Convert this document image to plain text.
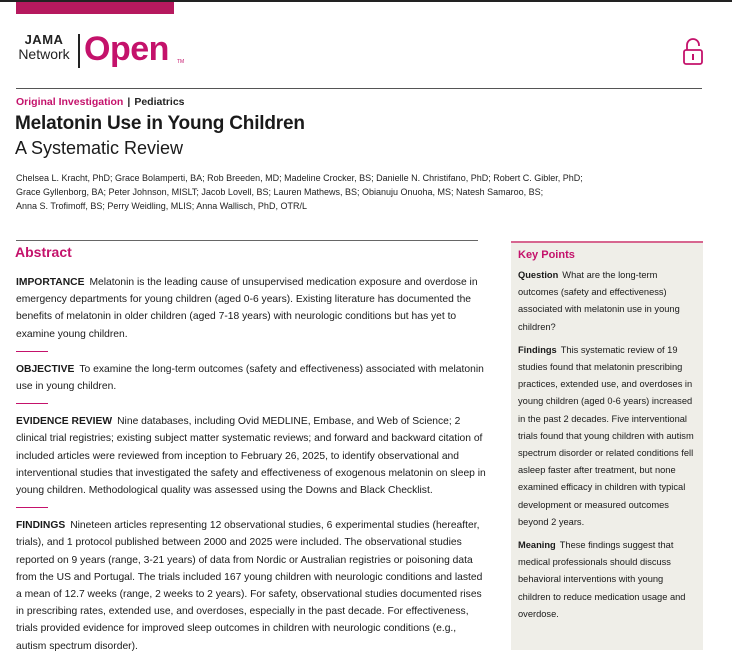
JAMA
Network Open TM
Original Investigation | Pediatrics
Melatonin Use in Young Children
A Systematic Review
Chelsea L. Kracht, PhD; Grace Bolamperti, BA; Rob Breeden, MD; Madeline Crocker, BS; Danielle N. Christifano, PhD; Robert C. Gibler, PhD;
Grace Gyllenborg, BA; Peter Johnson, MISLT; Jacob Lovell, BS; Lauren Mathews, BS; Obianuju Onuoha, MS; Natesh Samaroo, BS;
Anna S. Trofimoff, BS; Perry Weidling, MLIS; Anna Wallisch, PhD, OTR/L
Abstract

IMPORTANCE Melatonin is the leading cause of unsupervised medication exposure and overdose in emergency departments for young children (aged 0-6 years). Existing literature has documented the benefits of melatonin in older children (aged 7-18 years) with neurologic conditions but has yet to examine young children.

OBJECTIVE To examine the long-term outcomes (safety and effectiveness) associated with melatonin use in young children.

EVIDENCE REVIEW Nine databases, including Ovid MEDLINE, Embase, and Web of Science; 2 clinical trial registries; existing subject matter systematic reviews; and forward and backward citation of included articles were reviewed from inception to February 26, 2025, to identify observational and interventional studies that investigated the safety and effectiveness of exogenous melatonin on sleep in young children. Methodological quality was assessed using the Downs and Black Checklist.

FINDINGS Nineteen articles representing 12 observational studies, 6 experimental studies (hereafter, trials), and 1 protocol published between 2000 and 2025 were included. The observational studies reported on 9 years (range, 3-21 years) of data from Nordic or Australian registries or poisoning data from the US and Portugal. The trials included 167 young children with neurologic conditions and lasted a mean of 12.7 weeks (range, 2 weeks to 2 years). For safety, observational studies documented rises in prescribing rates, extended use, and overdoses, especially in the past decade. For effectiveness, trials provided evidence for improved sleep outcomes in children with neurologic conditions (e.g., autism spectrum disorder).

Key Points

Question What are the long-term outcomes (safety and effectiveness) associated with melatonin use in young children?

Findings This systematic review of 19 studies found that melatonin prescribing practices, extended use, and overdoses in young children (aged 0-6 years) increased in the past 2 decades. Five interventional trials found that young children with autism spectrum disorder or related conditions fell asleep faster after treatment, but none examined efficacy in children with typical development or measured outcomes beyond 2 years.

Meaning These findings suggest that medical professionals should discuss behavioral interventions with young children to reduce medication usage and overdose.
